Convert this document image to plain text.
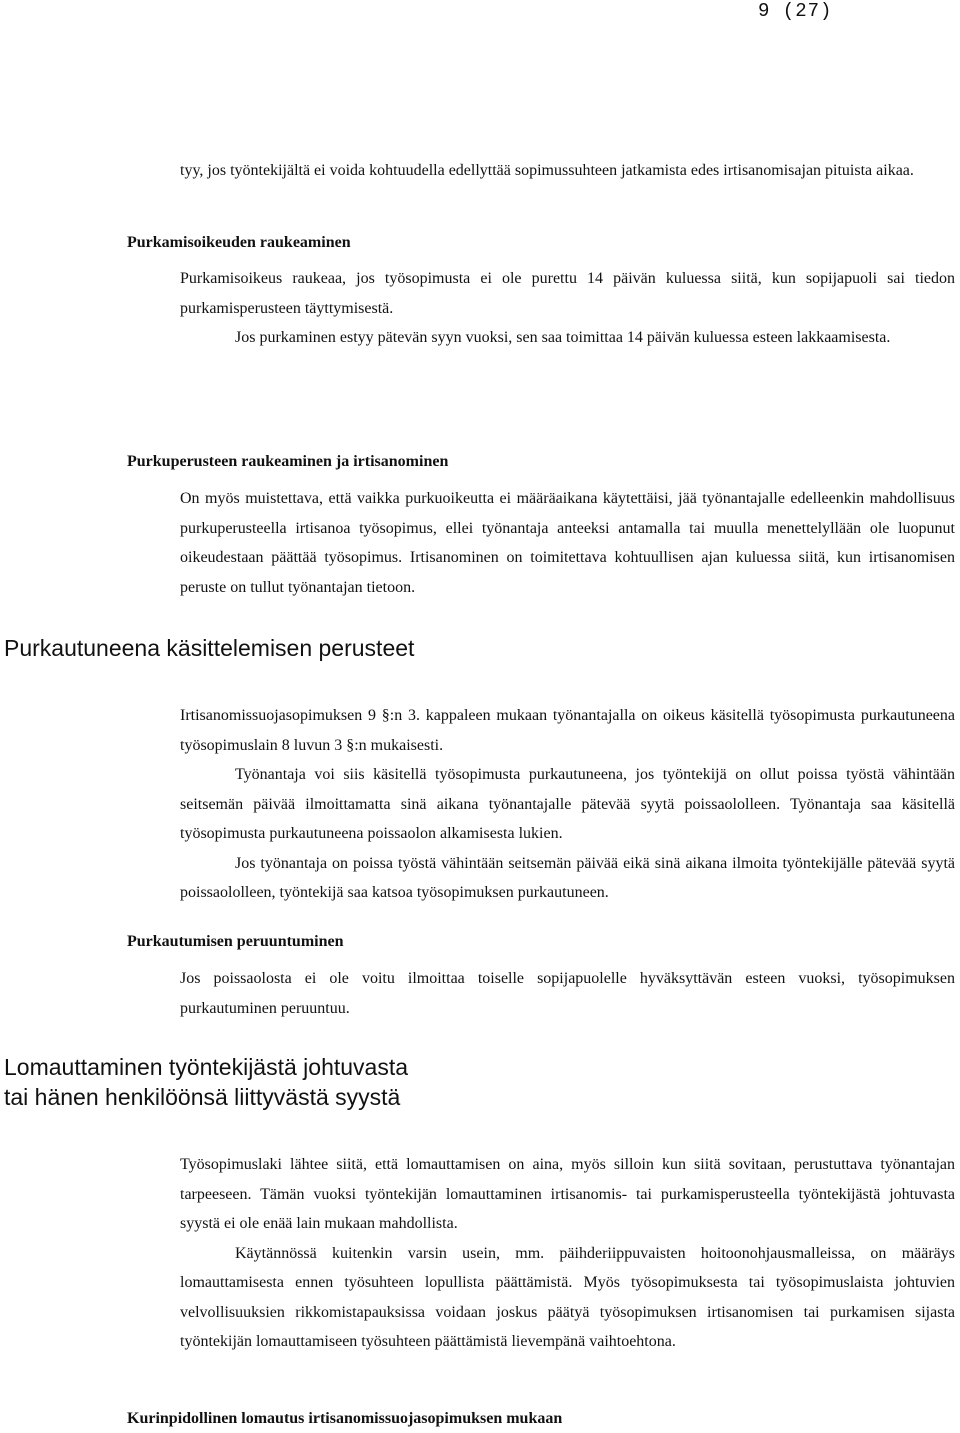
9 (27)

tyy, jos työntekijältä ei voida kohtuudella edellyttää sopimussuhteen jatkamista edes irtisanomisajan pituista aikaa.

Purkamisoikeuden raukeaminen

Purkamisoikeus raukeaa, jos työsopimusta ei ole purettu 14 päivän kuluessa siitä, kun sopijapuoli sai tiedon purkamisperusteen täyttymisestä.

Jos purkaminen estyy pätevän syyn vuoksi, sen saa toimittaa 14 päivän kuluessa esteen lakkaamisesta.

Purkuperusteen raukeaminen ja irtisanominen

On myös muistettava, että vaikka purkuoikeutta ei määräaikana käytettäisi, jää työnantajalle edelleenkin mahdollisuus purkuperusteella irtisanoa työsopimus, ellei työnantaja anteeksi antamalla tai muulla menettelyllään ole luopunut oikeudestaan päättää työsopimus. Irtisanominen on toimitettava kohtuullisen ajan kuluessa siitä, kun irtisanomisen peruste on tullut työnantajan tietoon.

Purkautuneena käsittelemisen perusteet

Irtisanomissuojasopimuksen 9 §:n 3. kappaleen mukaan työnantajalla on oikeus käsitellä työsopimusta purkautuneena työsopimuslain 8 luvun 3 §:n mukaisesti.

Työnantaja voi siis käsitellä työsopimusta purkautuneena, jos työntekijä on ollut poissa työstä vähintään seitsemän päivää ilmoittamatta sinä aikana työnantajalle pätevää syytä poissaololleen. Työnantaja saa käsitellä työsopimusta purkautuneena poissaolon alkamisesta lukien.

Jos työnantaja on poissa työstä vähintään seitsemän päivää eikä sinä aikana ilmoita työntekijälle pätevää syytä poissaololleen, työntekijä saa katsoa työsopimuksen purkautuneen.

Purkautumisen peruuntuminen

Jos poissaolosta ei ole voitu ilmoittaa toiselle sopijapuolelle hyväksyttävän esteen vuoksi, työsopimuksen purkautuminen peruuntuu.

Lomauttaminen työntekijästä johtuvasta
tai hänen henkilöönsä liittyvästä syystä

Työsopimuslaki lähtee siitä, että lomauttamisen on aina, myös silloin kun siitä sovitaan, perustuttava työnantajan tarpeeseen. Tämän vuoksi työntekijän lomauttaminen irtisanomis- tai purkamisperusteella työntekijästä johtuvasta syystä ei ole enää lain mukaan mahdollista.

Käytännössä kuitenkin varsin usein, mm. päihderiippuvaisten hoitoonohjausmalleissa, on määräys lomauttamisesta ennen työsuhteen lopullista päättämistä. Myös työsopimuksesta tai työsopimuslaista johtuvien velvollisuuksien rikkomistapauksissa voidaan joskus päätyä työsopimuksen irtisanomisen tai purkamisen sijasta työntekijän lomauttamiseen työsuhteen päättämistä lievempänä vaihtoehtona.

Kurinpidollinen lomautus irtisanomissuojasopimuksen mukaan
